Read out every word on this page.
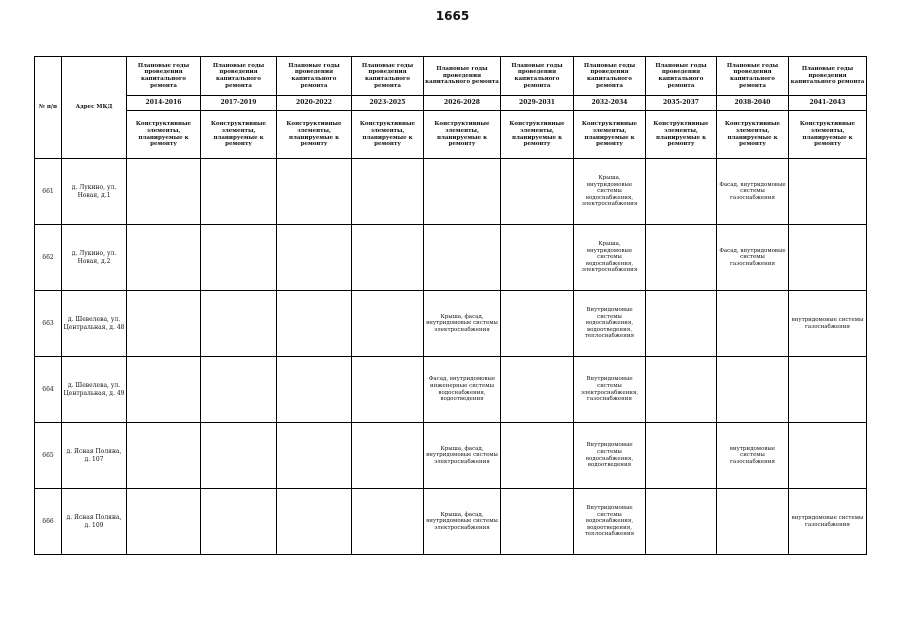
1665
№ п/п	Адрес МКД	Плановые годы проведения капитального ремонта	Плановые годы проведения капитального ремонта	Плановые годы проведения капитального ремонта	Плановые годы проведения капитального ремонта	Плановые годы проведения капитального ремонта	Плановые годы проведения капитального ремонта	Плановые годы проведения капитального ремонта	Плановые годы проведения капитального ремонта	Плановые годы проведения капитального ремонта	Плановые годы проведения капитального ремонта
		2014-2016	2017-2019	2020-2022	2023-2025	2026-2028	2029-2031	2032-2034	2035-2037	2038-2040	2041-2043
		Конструктивные элементы, планируемые к ремонту	Конструктивные элементы, планируемые к ремонту	Конструктивные элементы, планируемые к ремонту	Конструктивные элементы, планируемые к ремонту	Конструктивные элементы, планируемые к ремонту	Конструктивные элементы, планируемые к ремонту	Конструктивные элементы, планируемые к ремонту	Конструктивные элементы, планируемые к ремонту	Конструктивные элементы, планируемые к ремонту	Конструктивные элементы, планируемые к ремонту
661	д. Лукино, ул. Новая, д.1							Крыша, внутридомовые системы водоснабжения, электроснабжения		Фасад, внутридомовые системы газоснабжения	
662	д. Лукино, ул. Новая, д.2							Крыша, внутридомовые системы водоснабжения, электроснабжения		Фасад, внутридомовые системы газоснабжения	
663	д. Шевелева, ул. Центральная, д. 48					Крыша, фасад, внутридомовые системы электроснабжения		Внутридомовые системы водоснабжения, водоотведения, теплоснабжения			внутридомовые системы газоснабжения
664	д. Шевелева, ул. Центральная, д. 49					Фасад, внутридомовые инженерные системы водоснабжения, водоотведения		Внутридомовые системы электроснабжения, газоснабжения			
665	д. Ясная Поляна, д. 107					Крыша, фасад, внутридомовые системы электроснабжения		Внутридомовые системы водоснабжения, водоотведения		внутридомовые системы газоснабжения	
666	д. Ясная Поляна, д. 109					Крыша, фасад, внутридомовые системы электроснабжения		Внутридомовые системы водоснабжения, водоотведения, теплоснабжения			внутридомовые системы газоснабжения
